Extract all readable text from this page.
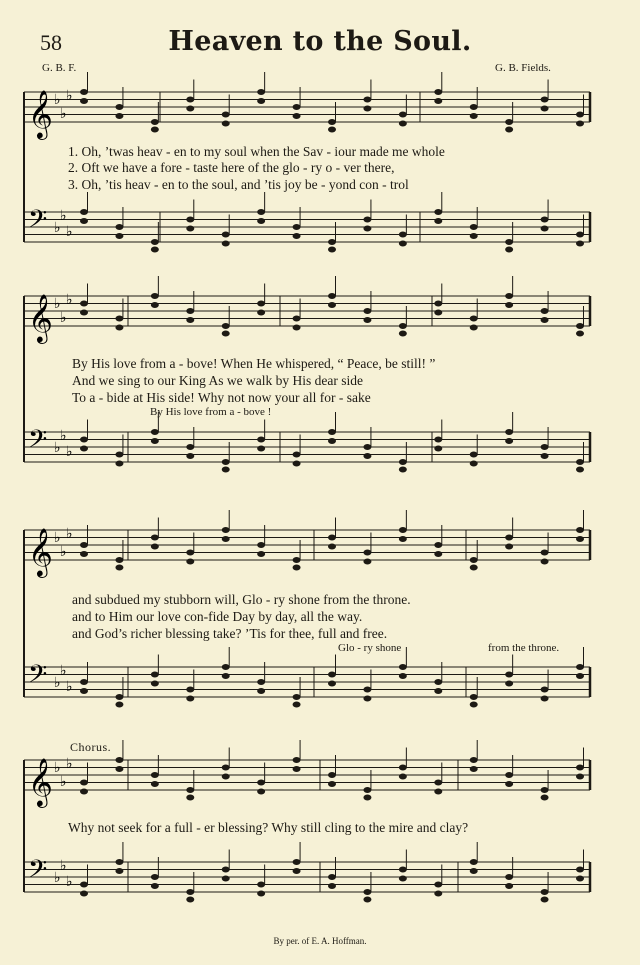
𝄞 ♭
♭
♭
𝄢 ♭
♭
♭
𝄞 ♭
♭
♭
𝄢 ♭
♭
♭
𝄞 ♭
♭
♭
𝄢 ♭
♭
♭
𝄞 ♭
♭
♭
𝄢 ♭
♭
♭
58	Heaven to the Soul.
G. B. F.	G. B. Fields.
1. Oh, ’twas heav - en to my soul when the Sav - iour made me whole
2. Oft we have a fore - taste here of the glo - ry o - ver there,
3. Oh, ’tis heav - en to the soul, and ’tis joy be - yond con - trol
By His love from a - bove! When He whispered, “ Peace, be still! ”
And we sing to our King As we walk by His dear side
To a - bide at His side! Why not now your all for - sake
By His love from a - bove !
and subdued my stubborn will, Glo - ry shone from the throne.
and to Him our love con-fide Day by day, all the way.
and God’s richer blessing take? ’Tis for thee, full and free.
Glo - ry shone	from the throne.
Chorus.
Why not seek for a full - er blessing? Why still cling to the mire and clay?
By per. of E. A. Hoffman.
